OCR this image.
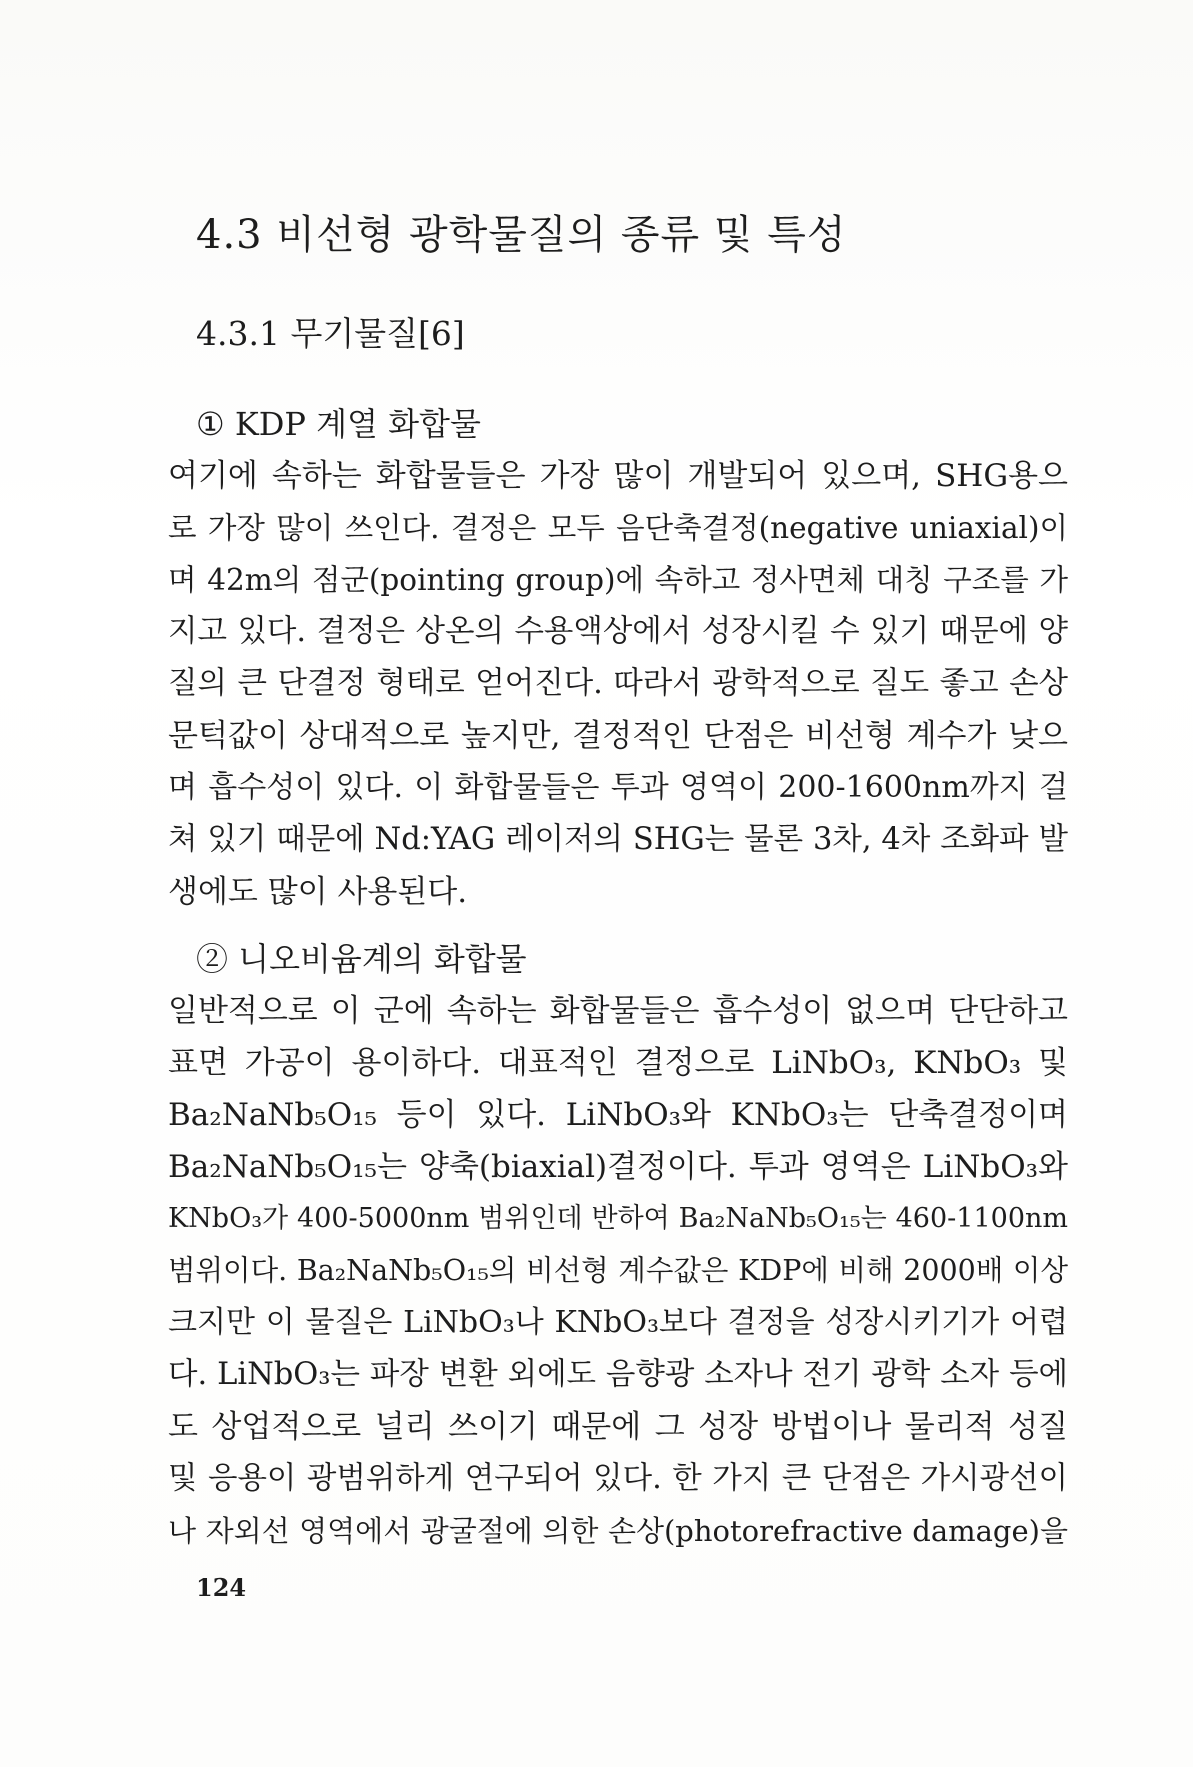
4.3 비선형 광학물질의 종류 및 특성
4.3.1 무기물질[6]
① KDP 계열 화합물

여기에 속하는 화합물들은 가장 많이 개발되어 있으며, SHG용으
로 가장 많이 쓰인다. 결정은 모두 음단축결정(negative uniaxial)이
며 42m의 점군(pointing group)에 속하고 정사면체 대칭 구조를 가
지고 있다. 결정은 상온의 수용액상에서 성장시킬 수 있기 때문에 양
질의 큰 단결정 형태로 얻어진다. 따라서 광학적으로 질도 좋고 손상
문턱값이 상대적으로 높지만, 결정적인 단점은 비선형 계수가 낮으
며 흡수성이 있다. 이 화합물들은 투과 영역이 200-1600nm까지 걸
쳐 있기 때문에 Nd:YAG 레이저의 SHG는 물론 3차, 4차 조화파 발
생에도 많이 사용된다.

② 니오비윰계의 화합물

일반적으로 이 군에 속하는 화합물들은 흡수성이 없으며 단단하고
표면 가공이 용이하다. 대표적인 결정으로 LiNbO₃, KNbO₃ 및
Ba₂NaNb₅O₁₅ 등이 있다. LiNbO₃와 KNbO₃는 단축결정이며
Ba₂NaNb₅O₁₅는 양축(biaxial)결정이다. 투과 영역은 LiNbO₃와
KNbO₃가 400-5000nm 범위인데 반하여 Ba₂NaNb₅O₁₅는 460-1100nm
범위이다. Ba₂NaNb₅O₁₅의 비선형 계수값은 KDP에 비해 2000배 이상
크지만 이 물질은 LiNbO₃나 KNbO₃보다 결정을 성장시키기가 어렵
다. LiNbO₃는 파장 변환 외에도 음향광 소자나 전기 광학 소자 등에
도 상업적으로 널리 쓰이기 때문에 그 성장 방법이나 물리적 성질
및 응용이 광범위하게 연구되어 있다. 한 가지 큰 단점은 가시광선이
나 자외선 영역에서 광굴절에 의한 손상(photorefractive damage)을

124
